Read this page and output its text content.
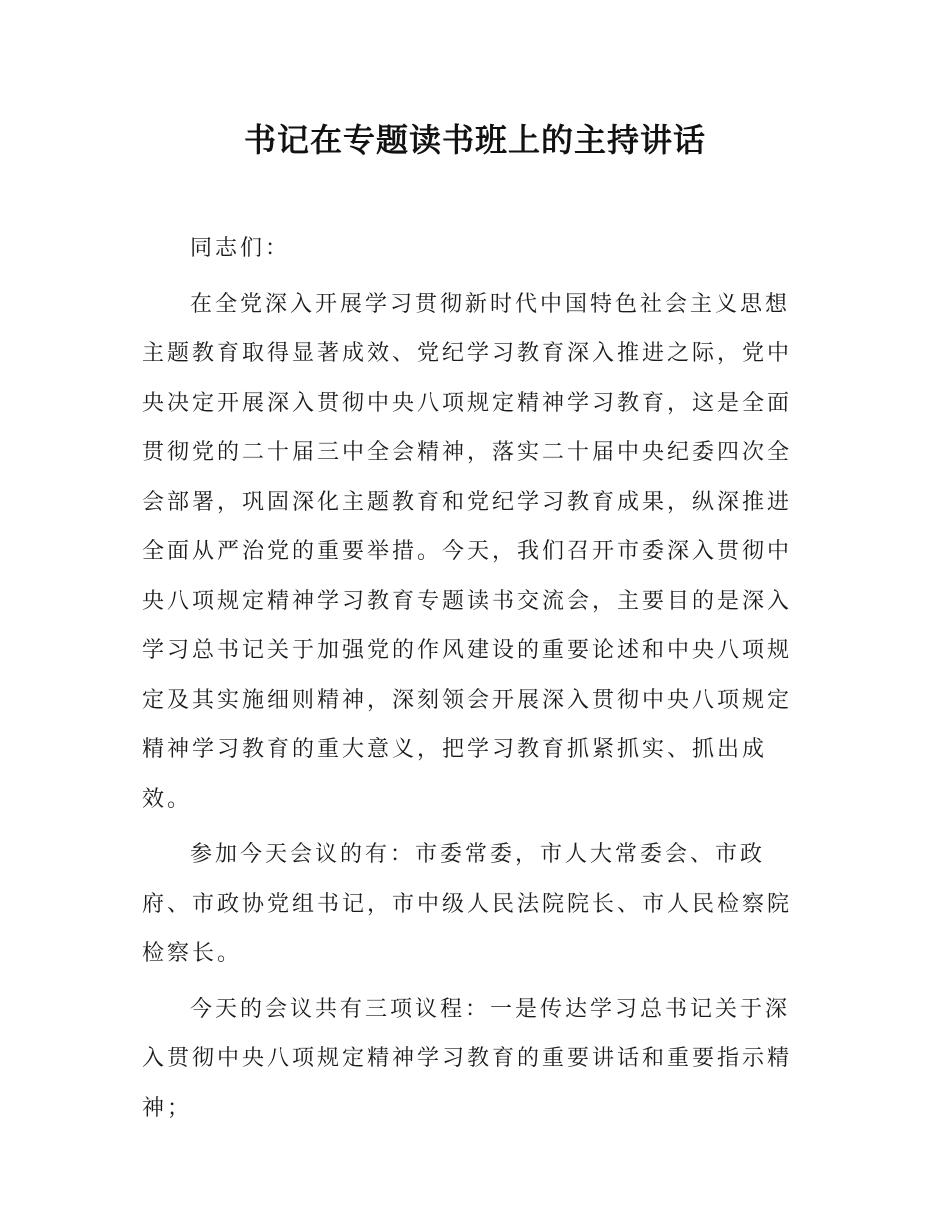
书记在专题读书班上的主持讲话

同志们：

在全党深入开展学习贯彻新时代中国特色社会主义思想主题教育取得显著成效、党纪学习教育深入推进之际，党中央决定开展深入贯彻中央八项规定精神学习教育，这是全面贯彻党的二十届三中全会精神，落实二十届中央纪委四次全会部署，巩固深化主题教育和党纪学习教育成果，纵深推进全面从严治党的重要举措。今天，我们召开市委深入贯彻中央八项规定精神学习教育专题读书交流会，主要目的是深入学习总书记关于加强党的作风建设的重要论述和中央八项规定及其实施细则精神，深刻领会开展深入贯彻中央八项规定精神学习教育的重大意义，把学习教育抓紧抓实、抓出成效。

参加今天会议的有：市委常委，市人大常委会、市政府、市政协党组书记，市中级人民法院院长、市人民检察院检察长。

今天的会议共有三项议程：一是传达学习总书记关于深入贯彻中央八项规定精神学习教育的重要讲话和重要指示精神；
